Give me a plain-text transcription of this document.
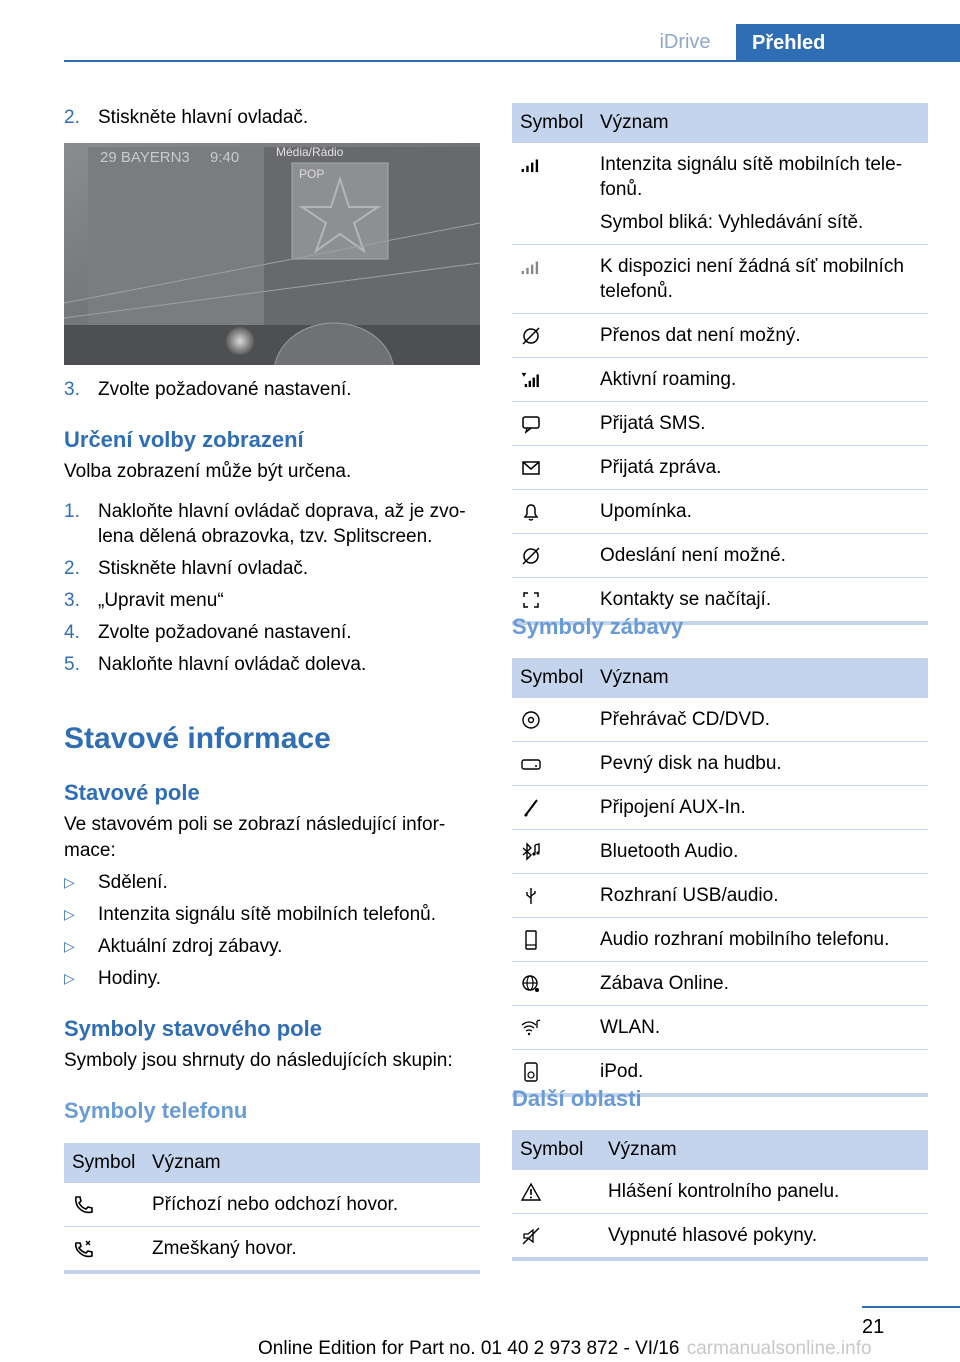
iDrive	Přehled
2. Stiskněte hlavní ovladač.
3. Zvolte požadované nastavení.
Určení volby zobrazení
Volba zobrazení může být určena.
1. Nakloňte hlavní ovládač doprava, až je zvolena dělená obrazovka, tzv. Splitscreen.
2. Stiskněte hlavní ovladač.
3. „Upravit menu“
4. Zvolte požadované nastavení.
5. Nakloňte hlavní ovládač doleva.
Stavové informace
Stavové pole
Ve stavovém poli se zobrazí následující informace:
▷	Sdělení.
▷	Intenzita signálu sítě mobilních telefonů.
▷	Aktuální zdroj zábavy.
▷	Hodiny.
Symboly stavového pole
Symboly jsou shrnuty do následujících skupin:
Symboly telefonu
Symbol	Význam
	Příchozí nebo odchozí hovor.
	Zmeškaný hovor.
29 BAYERN3 9:40	Média/Rádio
POP
Symbol	Význam

Intenzita signálu sítě mobilních telefonů.
Symbol bliká: Vyhledávání sítě.

	K dispozici není žádná síť mobilních telefonů.
	Přenos dat není možný.
	Aktivní roaming.
	Přijatá SMS.
	Přijatá zpráva.
	Upomínka.
	Odeslání není možné.
	Kontakty se načítají.
Symboly zábavy
Symbol	Význam
	Přehrávač CD/DVD.
	Pevný disk na hudbu.
	Připojení AUX-In.
	Bluetooth Audio.
	Rozhraní USB/audio.
	Audio rozhraní mobilního telefonu.
	Zábava Online.
	WLAN.
	iPod.
Další oblasti
Symbol	Význam
	Hlášení kontrolního panelu.
	Vypnuté hlasové pokyny.
21
Online Edition for Part no. 01 40 2 973 872 - VI/16 carmanualsonline.info
